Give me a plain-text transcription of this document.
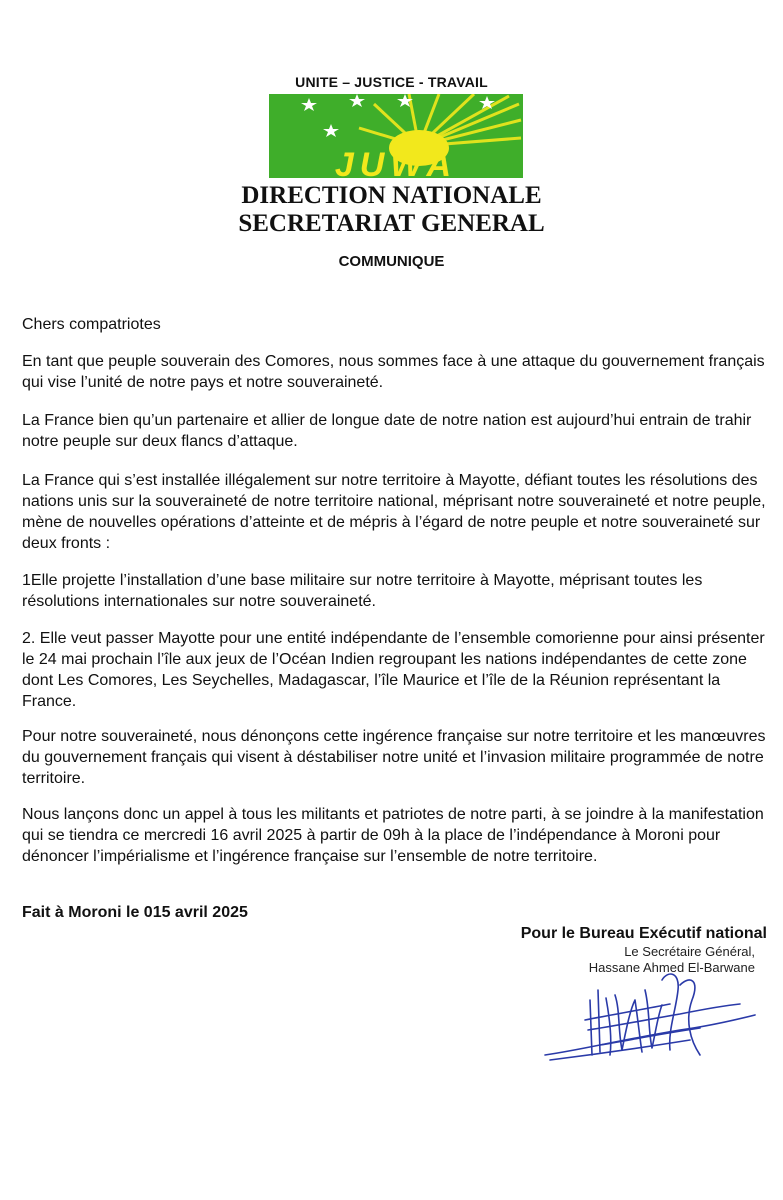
UNITE – JUSTICE - TRAVAIL
JUWA
DIRECTION NATIONALE
SECRETARIAT GENERAL
COMMUNIQUE
Chers compatriotes
En tant que peuple souverain des Comores, nous sommes face à une attaque du gouvernement français qui vise l’unité de notre pays et notre souveraineté.
La France bien qu’un partenaire et allier de longue date de notre nation est aujourd’hui entrain de trahir notre peuple sur deux flancs d’attaque.
La France qui s’est installée illégalement sur notre territoire à Mayotte, défiant toutes les résolutions des nations unis sur la souveraineté de notre territoire national, méprisant notre souveraineté et notre peuple, mène de nouvelles opérations d’atteinte et de mépris à l’égard de notre peuple et notre souveraineté sur deux fronts :
1Elle projette l’installation d’une base militaire sur notre territoire à Mayotte, méprisant toutes les résolutions internationales sur notre souveraineté.
2. Elle veut passer Mayotte pour une entité indépendante de l’ensemble comorienne pour ainsi présenter le 24 mai prochain l’île aux jeux de l’Océan Indien regroupant les nations indépendantes de cette zone dont Les Comores, Les Seychelles, Madagascar, l’île Maurice et l’île de la Réunion représentant la France.
Pour notre souveraineté, nous dénonçons cette ingérence française sur notre territoire et les manœuvres du gouvernement français qui visent à déstabiliser notre unité et l’invasion militaire programmée de notre territoire.
Nous lançons donc un appel à tous les militants et patriotes de notre parti, à se joindre à la manifestation qui se tiendra ce mercredi 16 avril 2025 à partir de 09h à la place de l’indépendance à Moroni pour dénoncer l’impérialisme et l’ingérence française sur l’ensemble de notre territoire.
Fait à Moroni le 015 avril 2025
Pour le Bureau Exécutif national
Le Secrétaire Général,
Hassane Ahmed El-Barwane
